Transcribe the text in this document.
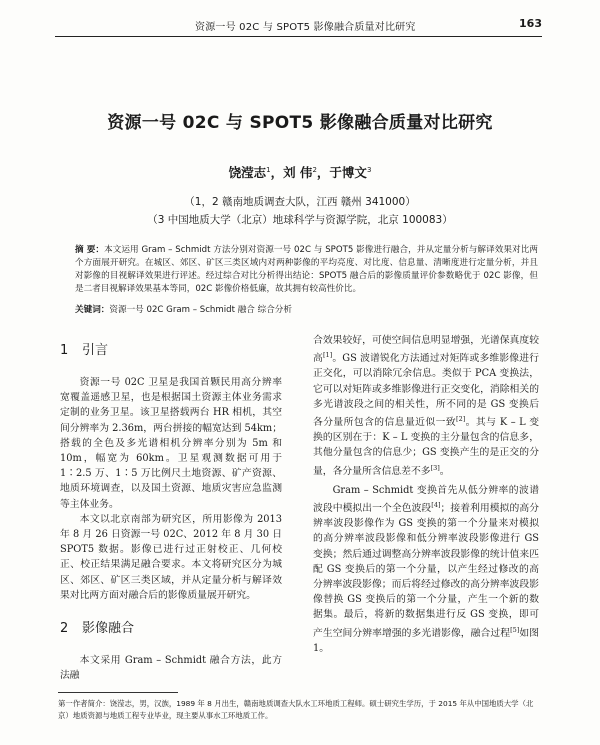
资源一号 02C 与 SPOT5 影像融合质量对比研究	163
资源一号 02C 与 SPOT5 影像融合质量对比研究
饶滢志$^1$，刘 伟$^2$，于博文$^3$
（1，2 赣南地质调查大队，江西 赣州 341000）
（3 中国地质大学（北京）地球科学与资源学院，北京 100083）
摘 要：本文运用 Gram – Schmidt 方法分别对资源一号 02C 与 SPOT5 影像进行融合，并从定量分析与解译效果对比两个方面展开研究。在城区、郊区、矿区三类区域内对两种影像的平均亮度、对比度、信息量、清晰度进行定量分析，并且对影像的目视解译效果进行评述。经过综合对比分析得出结论：SPOT5 融合后的影像质量评价参数略优于 02C 影像，但是二者目视解译效果基本等同，02C 影像价格低廉，故其拥有较高性价比。
关键词：资源一号 02C Gram – Schmidt 融合 综合分析
1 引言

资源一号 02C 卫星是我国首颗民用高分辨率宽覆盖遥感卫星，也是根据国土资源主体业务需求定制的业务卫星。该卫星搭载两台 HR 相机，其空间分辨率为 2.36m，两台拼接的幅宽达到 54km；搭载的全色及多光谱相机分辨率分别为 5m 和 10m，幅宽为 60km。卫星观测数据可用于 1∶2.5 万、1∶5 万比例尺土地资源、矿产资源、地质环境调查，以及国土资源、地质灾害应急监测等主体业务。

本文以北京南部为研究区，所用影像为 2013 年 8 月 26 日资源一号 02C、2012 年 8 月 30 日 SPOT5 数据。影像已进行过正射校正、几何校正、校正结果满足融合要求。本文将研究区分为城区、郊区、矿区三类区域，并从定量分析与解译效果对比两方面对融合后的影像质量展开研究。

2 影像融合

本文采用 Gram – Schmidt 融合方法，此方法融

合效果较好，可使空间信息明显增强，光谱保真度较高[1]。GS 波谱锐化方法通过对矩阵或多维影像进行正交化，可以消除冗余信息。类似于 PCA 变换法，它可以对矩阵或多维影像进行正交变化，消除相关的多光谱波段之间的相关性，所不同的是 GS 变换后各分量所包含的信息量近似一致[2]。其与 K – L 变换的区别在于：K – L 变换的主分量包含的信息多，其他分量包含的信息少；GS 变换产生的是正交的分量，各分量所含信息差不多[3]。

Gram – Schmidt 变换首先从低分辨率的波谱波段中模拟出一个全色波段[4]；接着利用模拟的高分辨率波段影像作为 GS 变换的第一个分量来对模拟的高分辨率波段影像和低分辨率波段影像进行 GS 变换；然后通过调整高分辨率波段影像的统计值来匹配 GS 变换后的第一个分量，以产生经过修改的高分辨率波段影像；而后将经过修改的高分辨率波段影像替换 GS 变换后的第一个分量，产生一个新的数据集。最后，将新的数据集进行反 GS 变换，即可产生空间分辨率增强的多光谱影像，融合过程[5]如图 1。

第一作者简介：饶滢志，男，汉族，1989 年 8 月出生，赣南地质调查大队水工环地质工程师。硕士研究生学历，于 2015 年从中国地质大学（北京）地质资源与地质工程专业毕业，现主要从事水工环地质工作。
